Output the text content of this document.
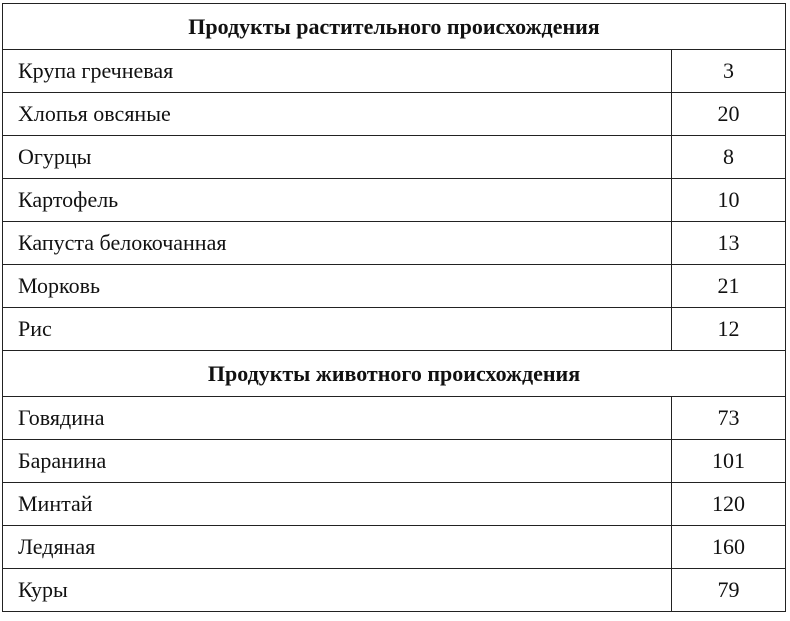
Продукты растительного происхождения	
Крупа гречневая	3
Хлопья овсяные	20
Огурцы	8
Картофель	10
Капуста белокочанная	13
Морковь	21
Рис	12
Продукты животного происхождения	
Говядина	73
Баранина	101
Минтай	120
Ледяная	160
Куры	79
